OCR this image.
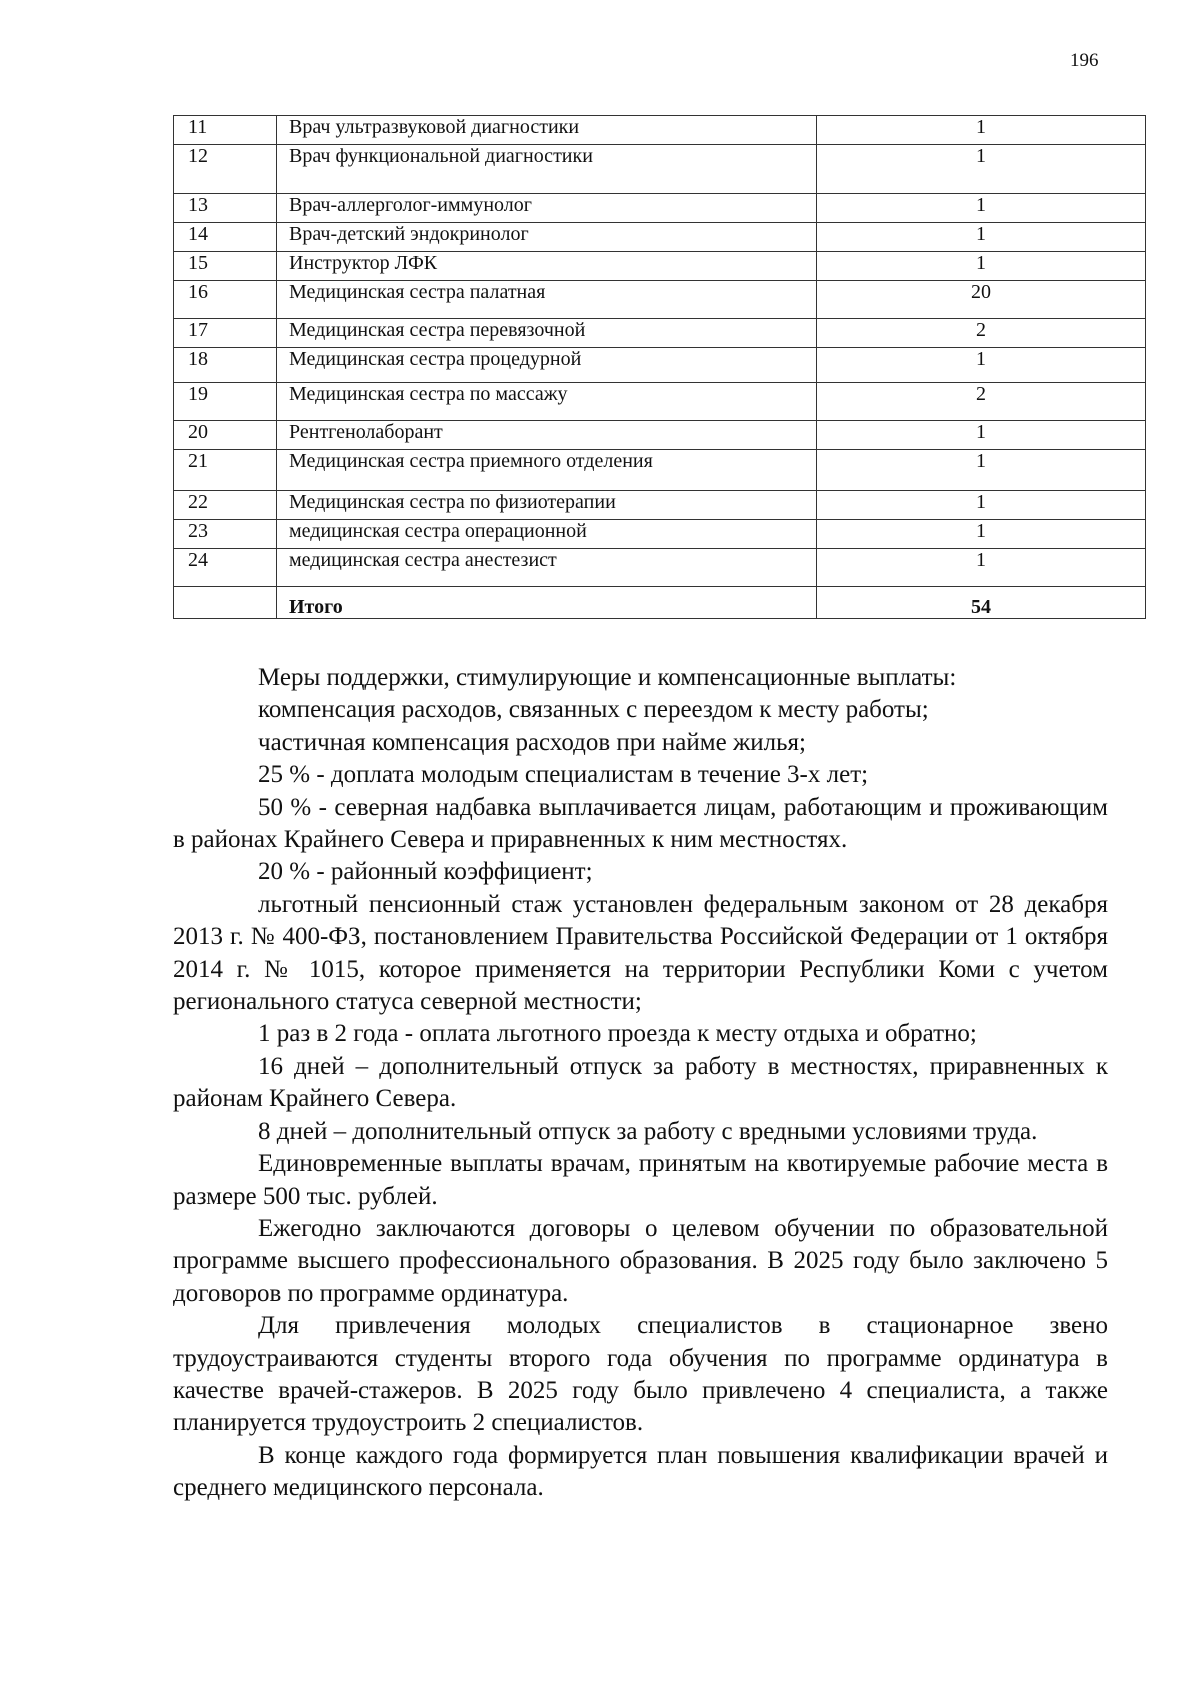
196
11	Врач ультразвуковой диагностики	1
12	Врач функциональной диагностики	1
13	Врач-аллерголог-иммунолог	1
14	Врач-детский эндокринолог	1
15	Инструктор ЛФК	1
16	Медицинская сестра палатная	20
17	Медицинская сестра перевязочной	2
18	Медицинская сестра процедурной	1
19	Медицинская сестра по массажу	2
20	Рентгенолаборант	1
21	Медицинская сестра приемного отделения	1
22	Медицинская сестра по физиотерапии	1
23	медицинская сестра операционной	1
24	медицинская сестра анестезист	1
	Итого	54

Меры поддержки, стимулирующие и компенсационные выплаты:

компенсация расходов, связанных с переездом к месту работы;

частичная компенсация расходов при найме жилья;

25 % - доплата молодым специалистам в течение 3-х лет;

50 % - северная надбавка выплачивается лицам, работающим и проживающим в районах Крайнего Севера и приравненных к ним местностях.

20 % - районный коэффициент;

льготный пенсионный стаж установлен федеральным законом от 28 декабря 2013 г. № 400-ФЗ, постановлением Правительства Российской Федерации от 1 октября 2014 г. № 1015, которое применяется на территории Республики Коми с учетом регионального статуса северной местности;

1 раз в 2 года - оплата льготного проезда к месту отдыха и обратно;

16 дней – дополнительный отпуск за работу в местностях, приравненных к районам Крайнего Севера.

8 дней – дополнительный отпуск за работу с вредными условиями труда.

Единовременные выплаты врачам, принятым на квотируемые рабочие места в размере 500 тыс. рублей.

Ежегодно заключаются договоры о целевом обучении по образовательной программе высшего профессионального образования. В 2025 году было заключено 5 договоров по программе ординатура.

Для привлечения молодых специалистов в стационарное звено трудоустраиваются студенты второго года обучения по программе ординатура в качестве врачей-стажеров. В 2025 году было привлечено 4 специалиста, а также планируется трудоустроить 2 специалистов.

В конце каждого года формируется план повышения квалификации врачей и среднего медицинского персонала.
